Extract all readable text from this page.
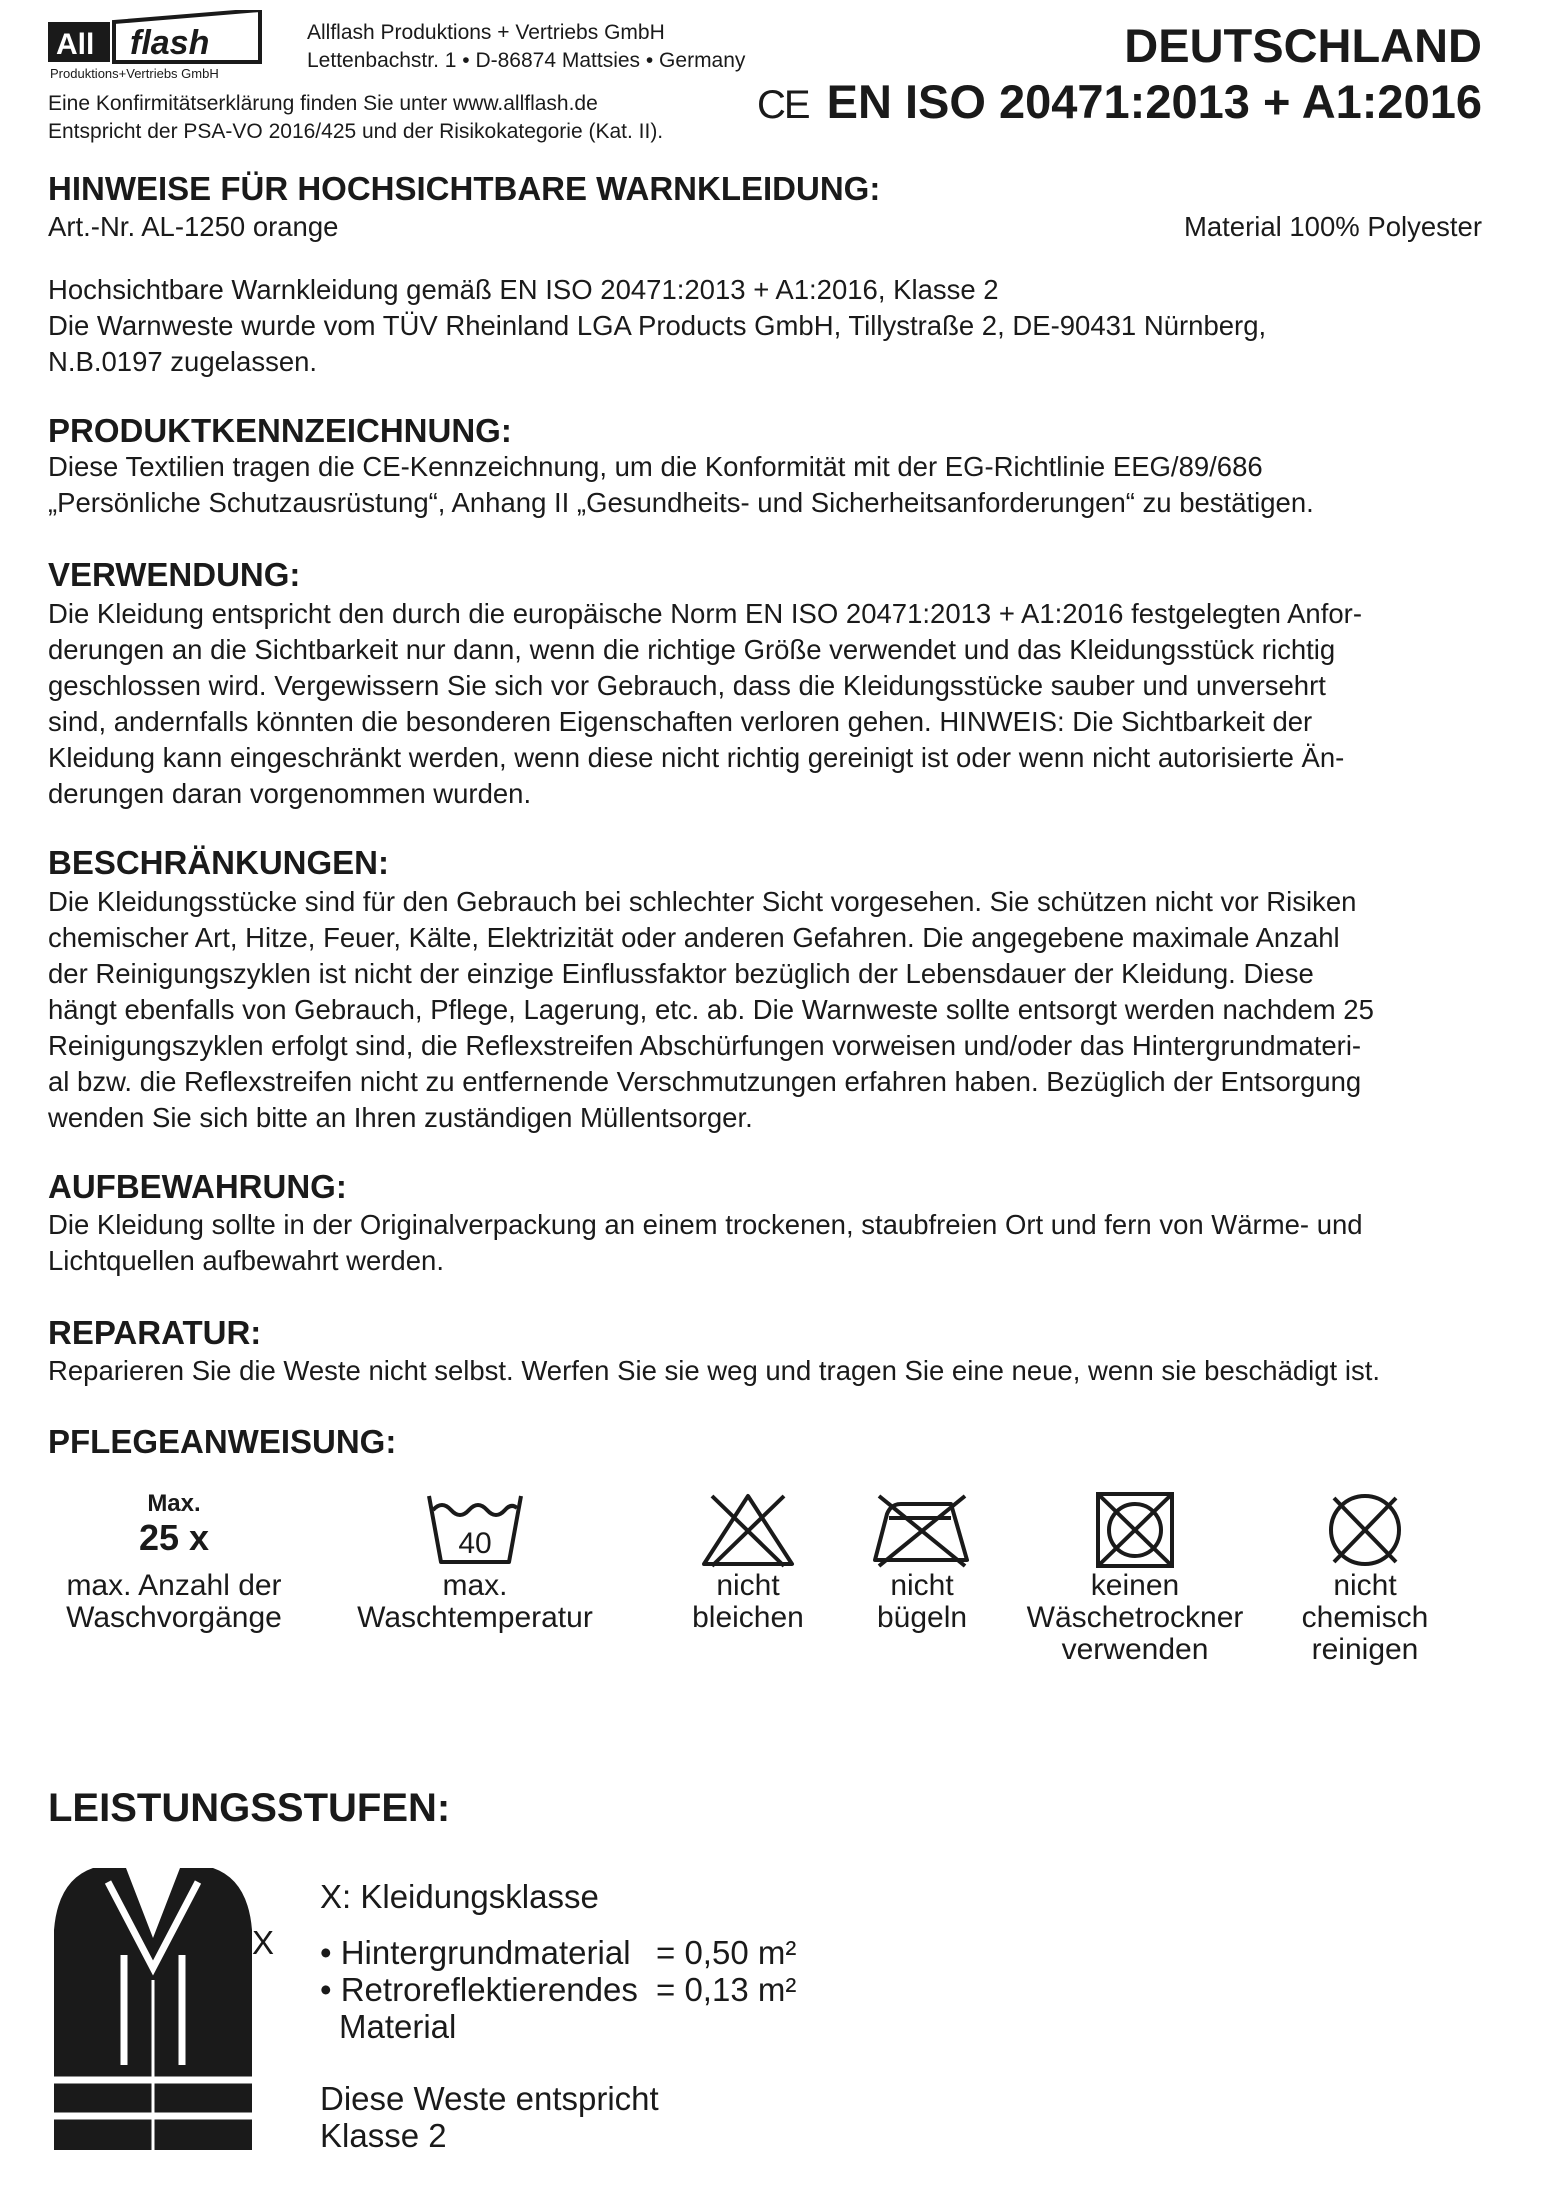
All flash
Produktions+Vertriebs GmbH
Allflash Produktions + Vertriebs GmbH
Lettenbachstr. 1 • D-86874 Mattsies • Germany
Eine Konfirmitätserklärung finden Sie unter www.allflash.de
Entspricht der PSA-VO 2016/425 und der Risikokategorie (Kat. II).
DEUTSCHLAND
CE EN ISO 20471:2013 + A1:2016
HINWEISE FÜR HOCHSICHTBARE WARNKLEIDUNG:
Art.-Nr. AL-1250 orange	Material 100% Polyester
Hochsichtbare Warnkleidung gemäß EN ISO 20471:2013 + A1:2016, Klasse 2
Die Warnweste wurde vom TÜV Rheinland LGA Products GmbH, Tillystraße 2, DE-90431 Nürnberg,
N.B.0197 zugelassen.
PRODUKTKENNZEICHNUNG:
Diese Textilien tragen die CE-Kennzeichnung, um die Konformität mit der EG-Richtlinie EEG/89/686
„Persönliche Schutzausrüstung“, Anhang II „Gesundheits- und Sicherheitsanforderungen“ zu bestätigen.
VERWENDUNG:
Die Kleidung entspricht den durch die europäische Norm EN ISO 20471:2013 + A1:2016 festgelegten Anfor-
derungen an die Sichtbarkeit nur dann, wenn die richtige Größe verwendet und das Kleidungsstück richtig
geschlossen wird. Vergewissern Sie sich vor Gebrauch, dass die Kleidungsstücke sauber und unversehrt
sind, andernfalls könnten die besonderen Eigenschaften verloren gehen. HINWEIS: Die Sichtbarkeit der
Kleidung kann eingeschränkt werden, wenn diese nicht richtig gereinigt ist oder wenn nicht autorisierte Än-
derungen daran vorgenommen wurden.
BESCHRÄNKUNGEN:
Die Kleidungsstücke sind für den Gebrauch bei schlechter Sicht vorgesehen. Sie schützen nicht vor Risiken
chemischer Art, Hitze, Feuer, Kälte, Elektrizität oder anderen Gefahren. Die angegebene maximale Anzahl
der Reinigungszyklen ist nicht der einzige Einflussfaktor bezüglich der Lebensdauer der Kleidung. Diese
hängt ebenfalls von Gebrauch, Pflege, Lagerung, etc. ab. Die Warnweste sollte entsorgt werden nachdem 25
Reinigungszyklen erfolgt sind, die Reflexstreifen Abschürfungen vorweisen und/oder das Hintergrundmateri-
al bzw. die Reflexstreifen nicht zu entfernende Verschmutzungen erfahren haben. Bezüglich der Entsorgung
wenden Sie sich bitte an Ihren zuständigen Müllentsorger.
AUFBEWAHRUNG:
Die Kleidung sollte in der Originalverpackung an einem trockenen, staubfreien Ort und fern von Wärme- und
Lichtquellen aufbewahrt werden.
REPARATUR:
Reparieren Sie die Weste nicht selbst. Werfen Sie sie weg und tragen Sie eine neue, wenn sie beschädigt ist.
PFLEGEANWEISUNG:
Max.
25 x
max. Anzahl der
Waschvorgänge
40
max.
Waschtemperatur
nicht
bleichen
nicht
bügeln
keinen
Wäschetrockner
verwenden
nicht
chemisch
reinigen
LEISTUNGSSTUFEN:
X
X: Kleidungsklasse
• Hintergrundmaterial = 0,50 m²
• Retroreflektierendes = 0,13 m²
Material
Diese Weste entspricht
Klasse 2
